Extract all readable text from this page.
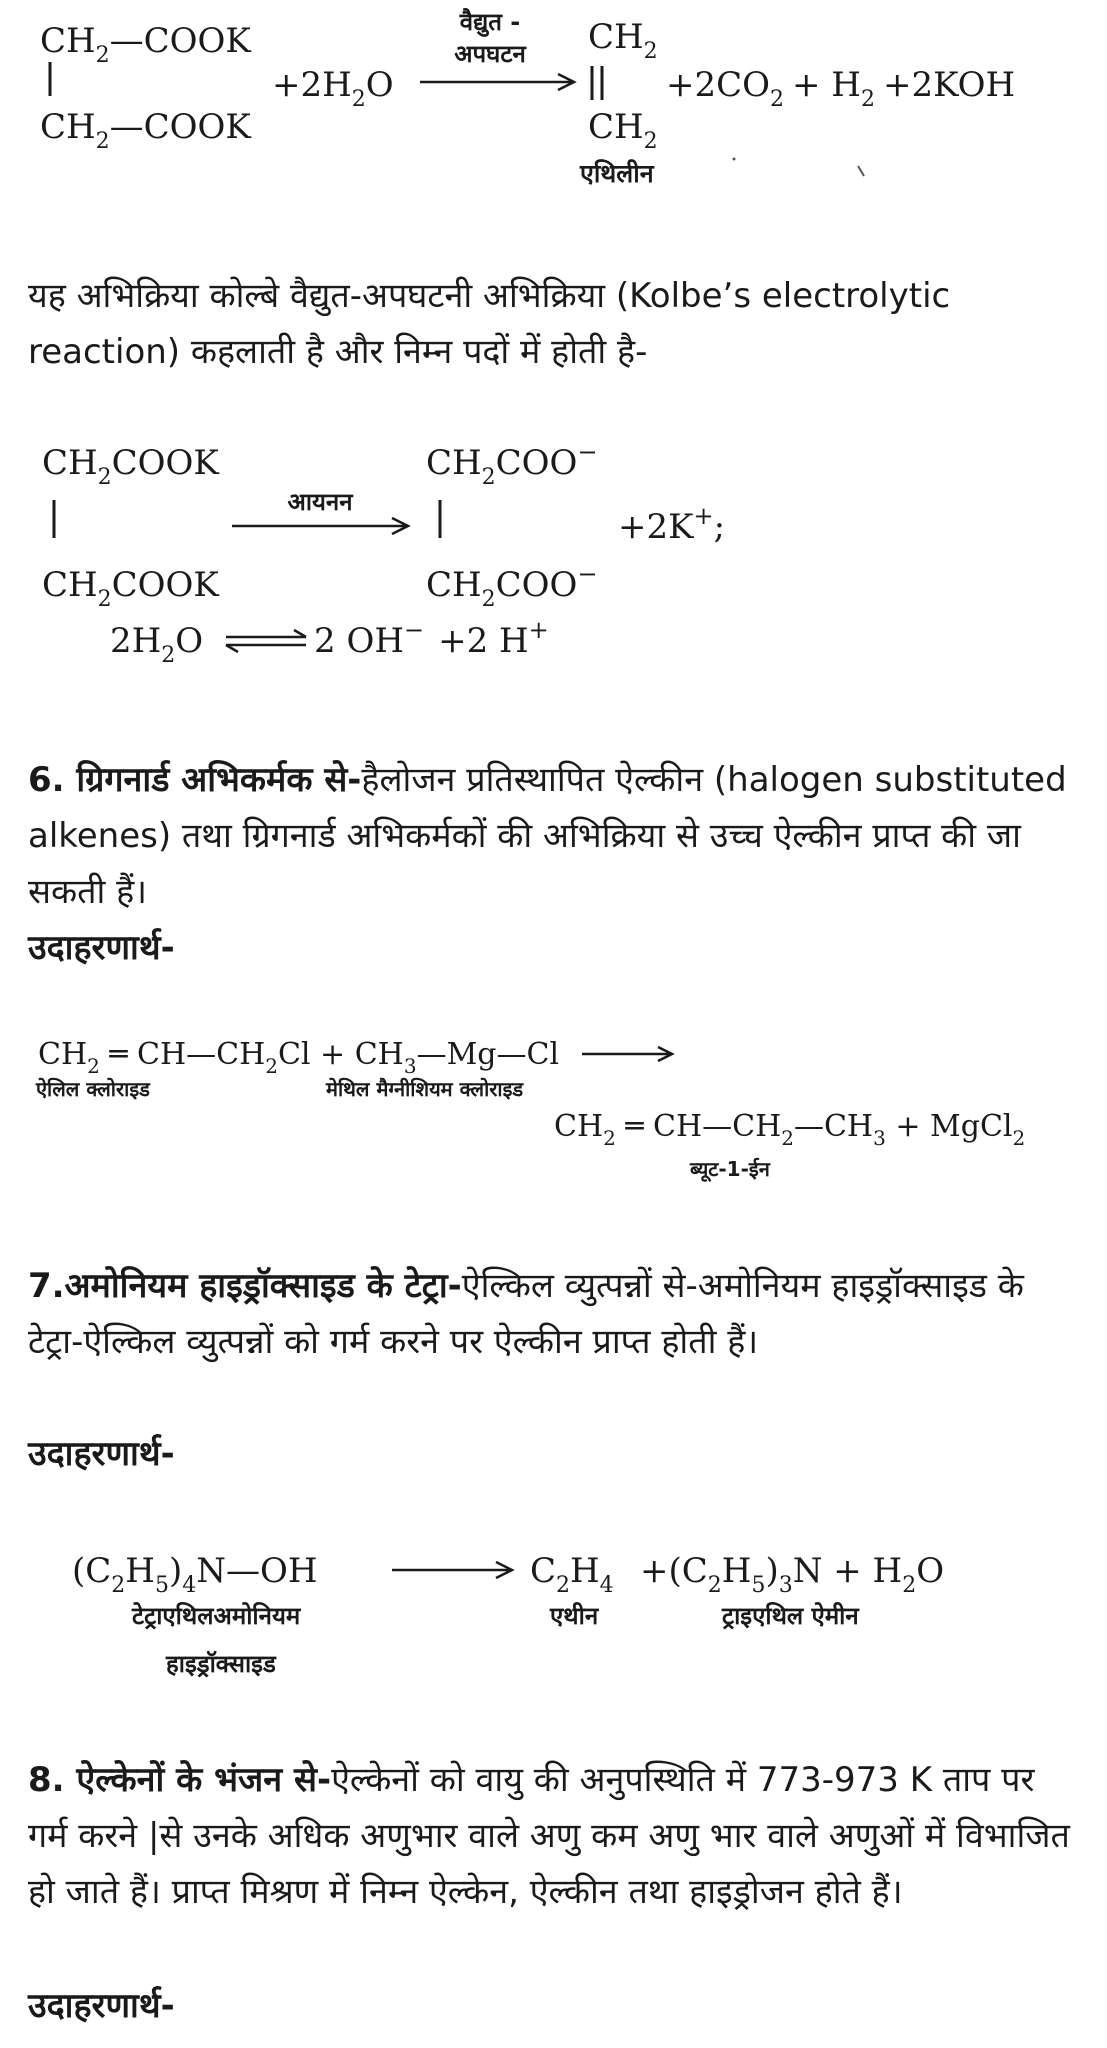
$CH_2—COOK$
$CH_2—COOK$
$+2H_2O$
वैद्युत -
अपघटन $CH_2$
$CH_2$
एथिलीन
$+2CO_2 + H_2 +2KOH$

यह अभिक्रिया कोल्बे वैद्युत-अपघटनी अभिक्रिया (Kolbe’s electrolytic reaction) कहलाती है और निम्न पदों में होती है-

$CH_2COOK$
$CH_2COOK$
आयनन
$CH_2COO^-$
$CH_2COO^-$
+2K+;
$2H_2O$	2 OH− +2 H+

6. ग्रिगनार्ड अभिकर्मक से-हैलोजन प्रतिस्थापित ऐल्कीन (halogen substituted alkenes) तथा ग्रिगनार्ड अभिकर्मकों की अभिक्रिया से उच्च ऐल्कीन प्राप्त की जा सकती हैं।

उदाहरणार्थ-
$CH_2$ ═ $CH—CH_2Cl$ + $CH_3—Mg—Cl$
ऐलिल क्लोराइड	मेथिल मैग्नीशियम क्लोराइड
$CH_2$ ═ $CH—CH_2—CH_3$ + MgCl$_2$
ब्यूट-1-ईन

7.अमोनियम हाइड्रॉक्साइड के टेट्रा-ऐल्किल व्युत्पन्नों से-अमोनियम हाइड्रॉक्साइड के टेट्रा-ऐल्किल व्युत्पन्नों को गर्म करने पर ऐल्कीन प्राप्त होती हैं।

उदाहरणार्थ-
$(C_2H_5)_4N—OH$	$C_2H_4 +(C_2H_5)_3N + H_2O$
टेट्राएथिलअमोनियम
हाइड्रॉक्साइड
एथीन	ट्राइएथिल ऐमीन

8. ऐल्केनों के भंजन से-ऐल्केनों को वायु की अनुपस्थिति में 773-973 K ताप पर गर्म करने |से उनके अधिक अणुभार वाले अणु कम अणु भार वाले अणुओं में विभाजित हो जाते हैं। प्राप्त मिश्रण में निम्न ऐल्केन, ऐल्कीन तथा हाइड्रोजन होते हैं।

उदाहरणार्थ-
